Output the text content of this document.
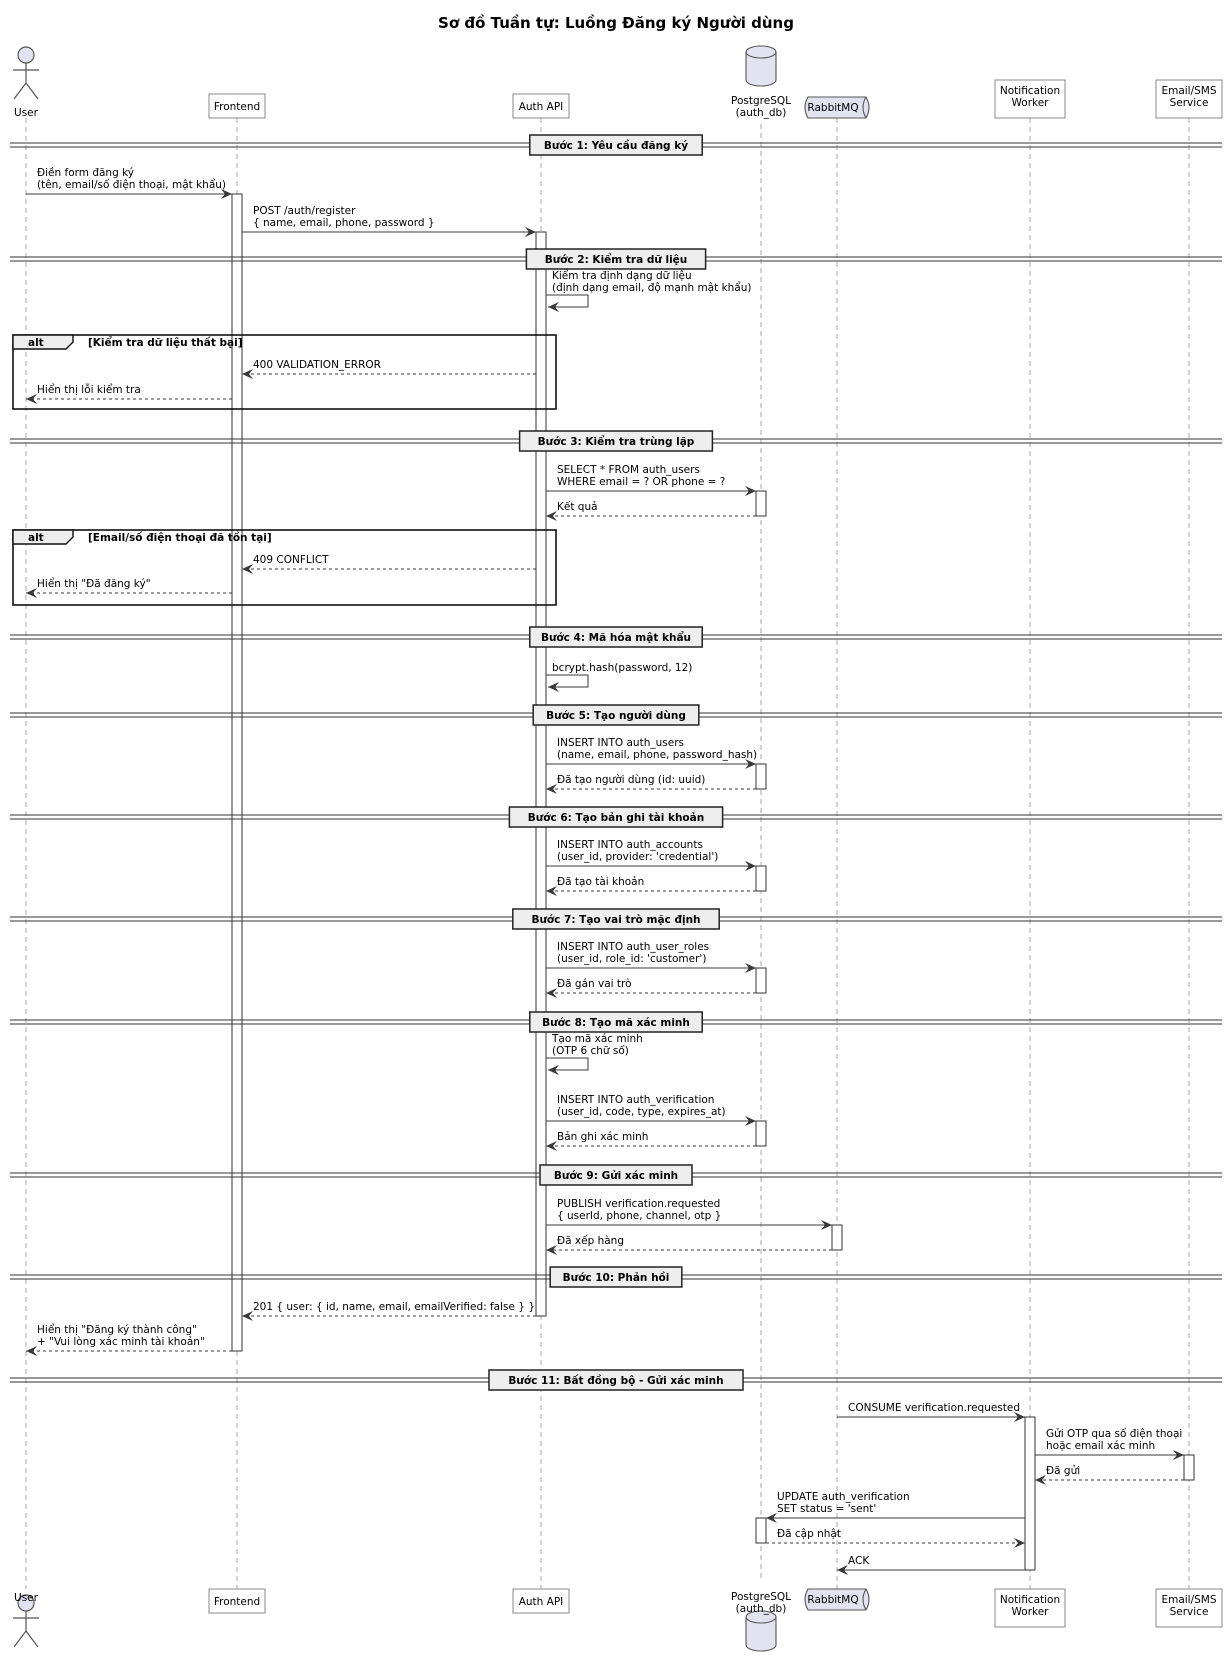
Sơ đồ Tuần tự: Luồng Đăng ký Người dùng
Bước 1: Yêu cầu đăng ký
Bước 2: Kiểm tra dữ liệu
Bước 3: Kiểm tra trùng lặp
Bước 4: Mã hóa mật khẩu
Bước 5: Tạo người dùng
Bước 6: Tạo bản ghi tài khoản
Bước 7: Tạo vai trò mặc định
Bước 8: Tạo mã xác minh
Bước 9: Gửi xác minh
Bước 10: Phản hồi
Bước 11: Bất đồng bộ - Gửi xác minh
alt	[Kiểm tra dữ liệu thất bại]
alt	[Email/số điện thoại đã tồn tại]
Điền form đăng ký
(tên, email/số điện thoại, mật khẩu)
POST /auth/register
{ name, email, phone, password }
Kiểm tra định dạng dữ liệu
(định dạng email, độ mạnh mật khẩu)
400 VALIDATION_ERROR
Hiển thị lỗi kiểm tra
SELECT * FROM auth_users
WHERE email = ? OR phone = ?
Kết quả
409 CONFLICT
Hiển thị "Đã đăng ký"
bcrypt.hash(password, 12)
INSERT INTO auth_users
(name, email, phone, password_hash)
Đã tạo người dùng (id: uuid)
INSERT INTO auth_accounts
(user_id, provider: 'credential')
Đã tạo tài khoản
INSERT INTO auth_user_roles
(user_id, role_id: 'customer')
Đã gán vai trò
Tạo mã xác minh
(OTP 6 chữ số)
INSERT INTO auth_verification
(user_id, code, type, expires_at)
Bản ghi xác minh
PUBLISH verification.requested
{ userId, phone, channel, otp }
Đã xếp hàng
201 { user: { id, name, email, emailVerified: false } }
Hiển thị "Đăng ký thành công"
+ "Vui lòng xác minh tài khoản"
CONSUME verification.requested
Gửi OTP qua số điện thoại
hoặc email xác minh
Đã gửi
UPDATE auth_verification
SET status = 'sent'
Đã cập nhật
ACK
User
User
Frontend
Frontend
Auth API
Auth API
PostgreSQL
(auth_db)
PostgreSQL
(auth_db)
RabbitMQ
RabbitMQ
Notification
Worker
Notification
Worker
Email/SMS
Service
Email/SMS
Service
